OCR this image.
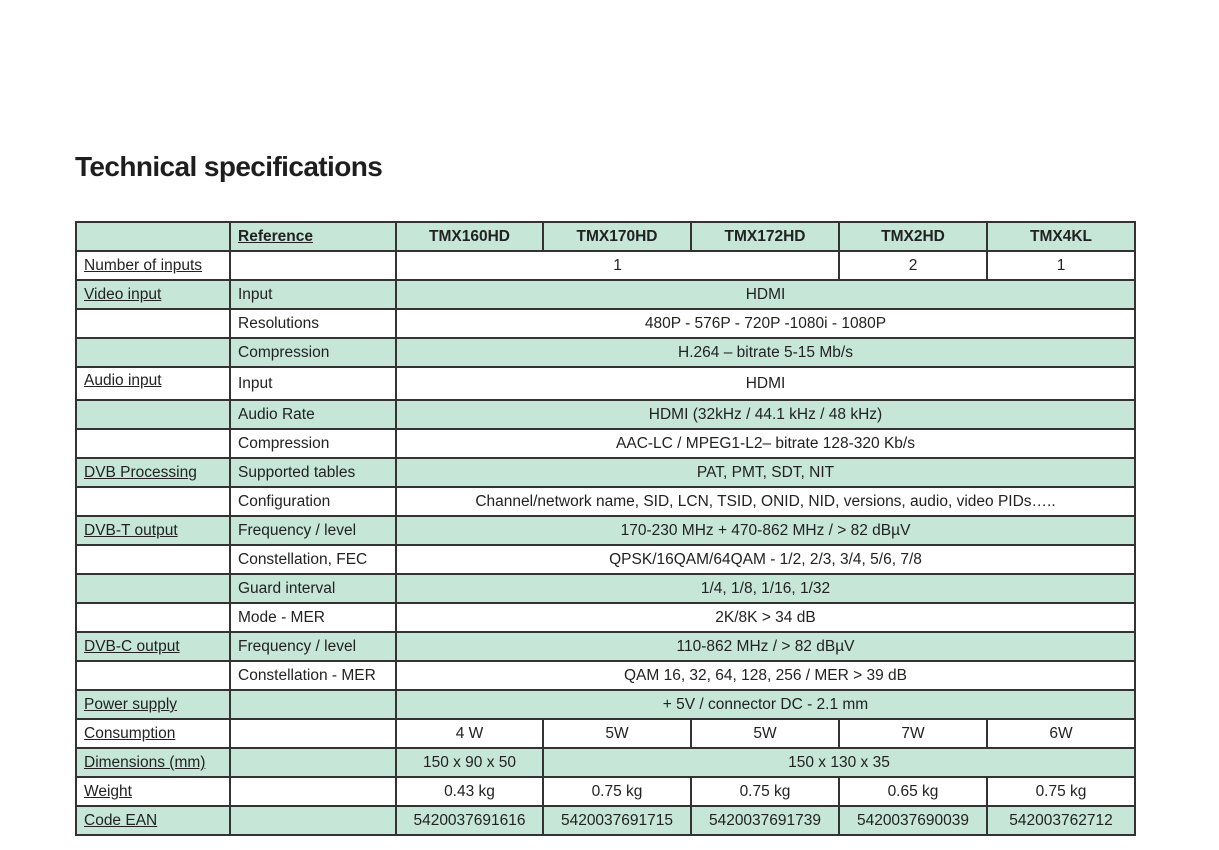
Technical specifications
	Reference	TMX160HD	TMX170HD	TMX172HD	TMX2HD	TMX4KL
Number of inputs		1			2	1
Video input	Input	HDMI				
	Resolutions	480P - 576P - 720P -1080i - 1080P				
	Compression	H.264 – bitrate 5-15 Mb/s				
Audio input	Input	HDMI				
	Audio Rate	HDMI (32kHz / 44.1 kHz / 48 kHz)				
	Compression	AAC-LC / MPEG1-L2– bitrate 128-320 Kb/s				
DVB Processing	Supported tables	PAT, PMT, SDT, NIT				
	Configuration	Channel/network name, SID, LCN, TSID, ONID, NID, versions, audio, video PIDs…..				
DVB-T output	Frequency / level	170-230 MHz + 470-862 MHz / > 82 dBµV				
	Constellation, FEC	QPSK/16QAM/64QAM - 1/2, 2/3, 3/4, 5/6, 7/8				
	Guard interval	1/4, 1/8, 1/16, 1/32				
	Mode - MER	2K/8K > 34 dB				
DVB-C output	Frequency / level	110-862 MHz / > 82 dBµV				
	Constellation - MER	QAM 16, 32, 64, 128, 256 / MER > 39 dB				
Power supply		+ 5V / connector DC - 2.1 mm				
Consumption		4 W	5W	5W	7W	6W
Dimensions (mm)		150 x 90 x 50	150 x 130 x 35			
Weight		0.43 kg	0.75 kg	0.75 kg	0.65 kg	0.75 kg
Code EAN		5420037691616	5420037691715	5420037691739	5420037690039	542003762712
